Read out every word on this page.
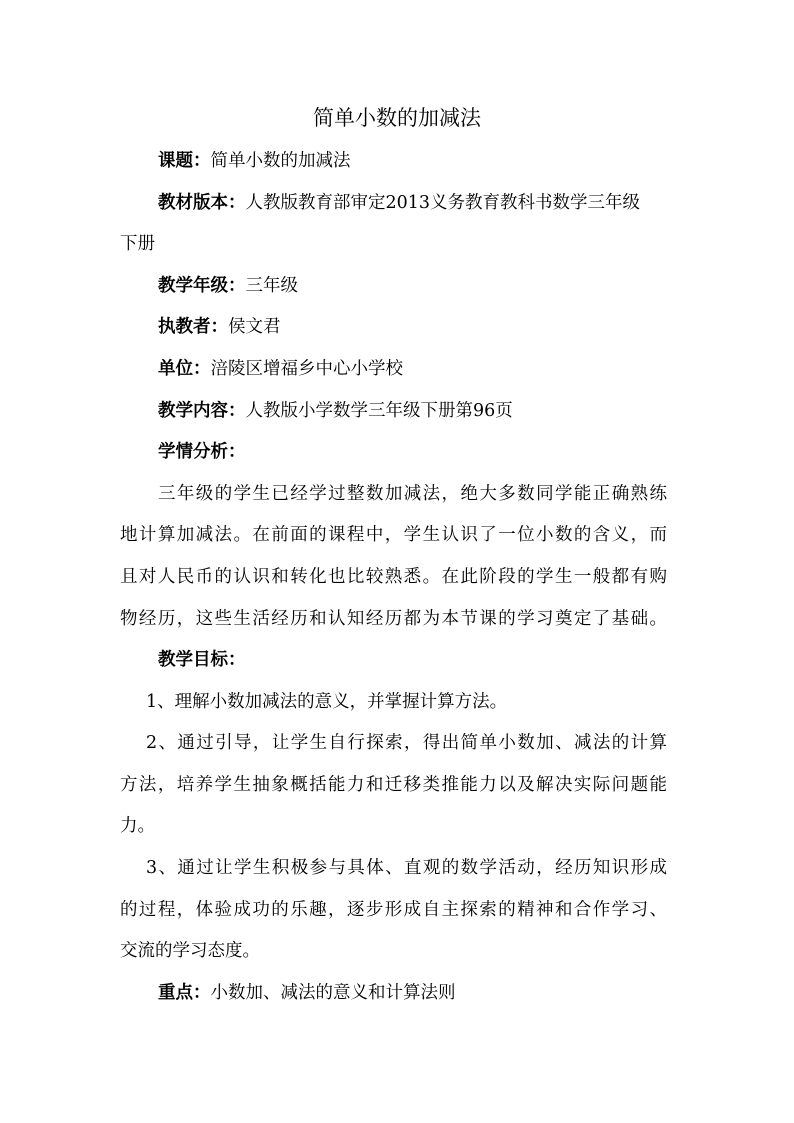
简单小数的加减法
课题：简单小数的加减法
教材版本：人教版教育部审定2013义务教育教科书数学三年级
下册
教学年级：三年级
执教者：侯文君
单位：涪陵区增福乡中心小学校
教学内容：人教版小学数学三年级下册第96页
学情分析：
三年级的学生已经学过整数加减法，绝大多数同学能正确熟练
地计算加减法。在前面的课程中，学生认识了一位小数的含义，而
且对人民币的认识和转化也比较熟悉。在此阶段的学生一般都有购
物经历，这些生活经历和认知经历都为本节课的学习奠定了基础。
教学目标：
1、理解小数加减法的意义，并掌握计算方法。
2、通过引导，让学生自行探索，得出简单小数加、减法的计算
方法，培养学生抽象概括能力和迁移类推能力以及解决实际问题能
力。
3、通过让学生积极参与具体、直观的数学活动，经历知识形成
的过程，体验成功的乐趣，逐步形成自主探索的精神和合作学习、
交流的学习态度。
重点：小数加、减法的意义和计算法则
